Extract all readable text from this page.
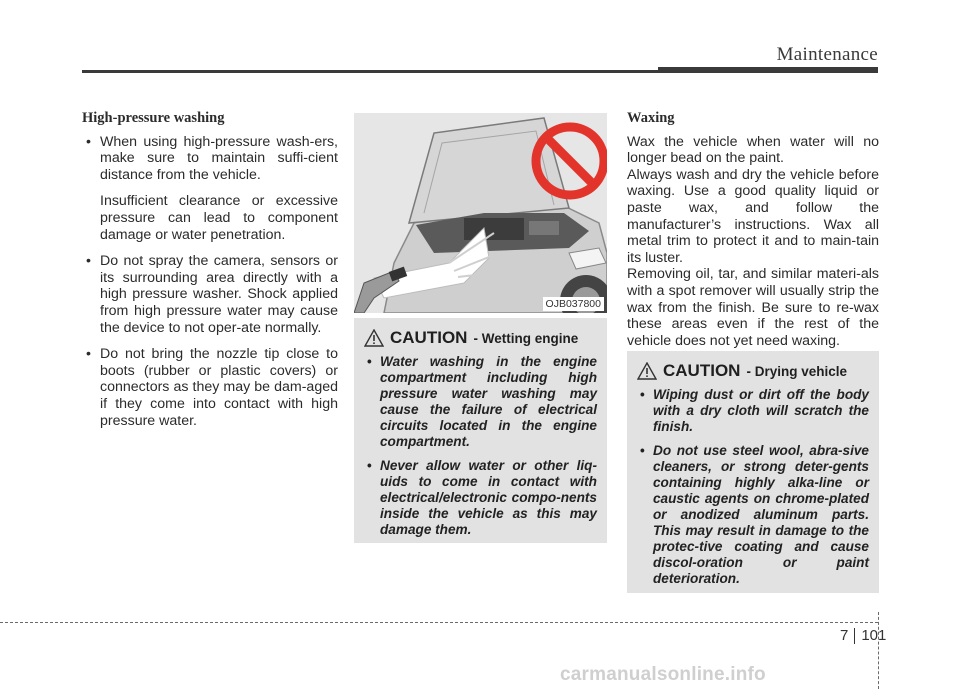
Maintenance
High-pressure washing

• When using high-pressure wash-ers, make sure to maintain suffi-cient distance from the vehicle.

Insufficient clearance or excessive pressure can lead to component damage or water penetration.

• Do not spray the camera, sensors or its surrounding area directly with a high pressure washer. Shock applied from high pressure water may cause the device to not oper-ate normally.

• Do not bring the nozzle tip close to boots (rubber or plastic covers) or connectors as they may be dam-aged if they come into contact with high pressure water.

OJB037800
CAUTION - Wetting engine
• Water washing in the engine compartment including high pressure water washing may cause the failure of electrical circuits located in the engine compartment.
• Never allow water or other liq-uids to come in contact with electrical/electronic compo-nents inside the vehicle as this may damage them.
Waxing

Wax the vehicle when water will no longer bead on the paint.

Always wash and dry the vehicle before waxing. Use a good quality liquid or paste wax, and follow the manufacturer’s instructions. Wax all metal trim to protect it and to main-tain its luster.

Removing oil, tar, and similar materi-als with a spot remover will usually strip the wax from the finish. Be sure to re-wax these areas even if the rest of the vehicle does not yet need waxing.

CAUTION - Drying vehicle
• Wiping dust or dirt off the body with a dry cloth will scratch the finish.
• Do not use steel wool, abra-sive cleaners, or strong deter-gents containing highly alka-line or caustic agents on chrome-plated or anodized aluminum parts. This may result in damage to the protec-tive coating and cause discol-oration or paint deterioration.
7 101
carmanualsonline.info
